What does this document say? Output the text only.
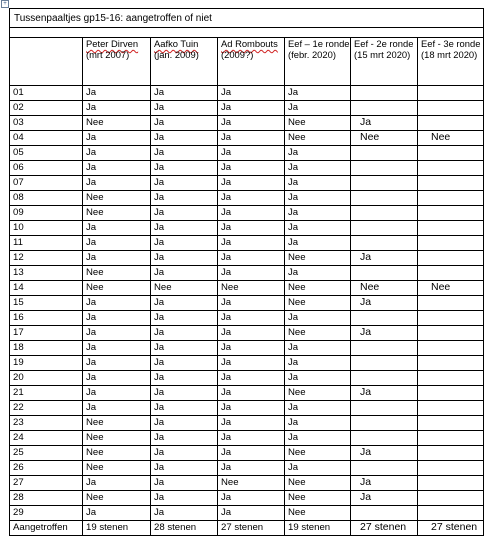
+
Tussenpaaltjes gp15-16: aangetroffen of niet						

	Peter Dirven (mrt 2007)	Aafko Tuin (jan. 2009)	Ad Rombouts (2009?)	Eef – 1e ronde (febr. 2020)	Eef - 2e ronde (15 mrt 2020)	Eef - 3e ronde (18 mrt 2020)
01	Ja	Ja	Ja	Ja		
02	Ja	Ja	Ja	Ja		
03	Nee	Ja	Ja	Nee	Ja	
04	Ja	Ja	Ja	Nee	Nee	Nee
05	Ja	Ja	Ja	Ja		
06	Ja	Ja	Ja	Ja		
07	Ja	Ja	Ja	Ja		
08	Nee	Ja	Ja	Ja		
09	Nee	Ja	Ja	Ja		
10	Ja	Ja	Ja	Ja		
11	Ja	Ja	Ja	Ja		
12	Ja	Ja	Ja	Nee	Ja	
13	Nee	Ja	Ja	Ja		
14	Nee	Nee	Nee	Nee	Nee	Nee
15	Ja	Ja	Ja	Nee	Ja	
16	Ja	Ja	Ja	Ja		
17	Ja	Ja	Ja	Nee	Ja	
18	Ja	Ja	Ja	Ja		
19	Ja	Ja	Ja	Ja		
20	Ja	Ja	Ja	Ja		
21	Ja	Ja	Ja	Nee	Ja	
22	Ja	Ja	Ja	Ja		
23	Nee	Ja	Ja	Ja		
24	Nee	Ja	Ja	Ja		
25	Nee	Ja	Ja	Nee	Ja	
26	Nee	Ja	Ja	Ja		
27	Ja	Ja	Nee	Nee	Ja	
28	Nee	Ja	Ja	Nee	Ja	
29	Ja	Ja	Ja	Nee		
Aangetroffen	19 stenen	28 stenen	27 stenen	19 stenen	27 stenen	27 stenen
